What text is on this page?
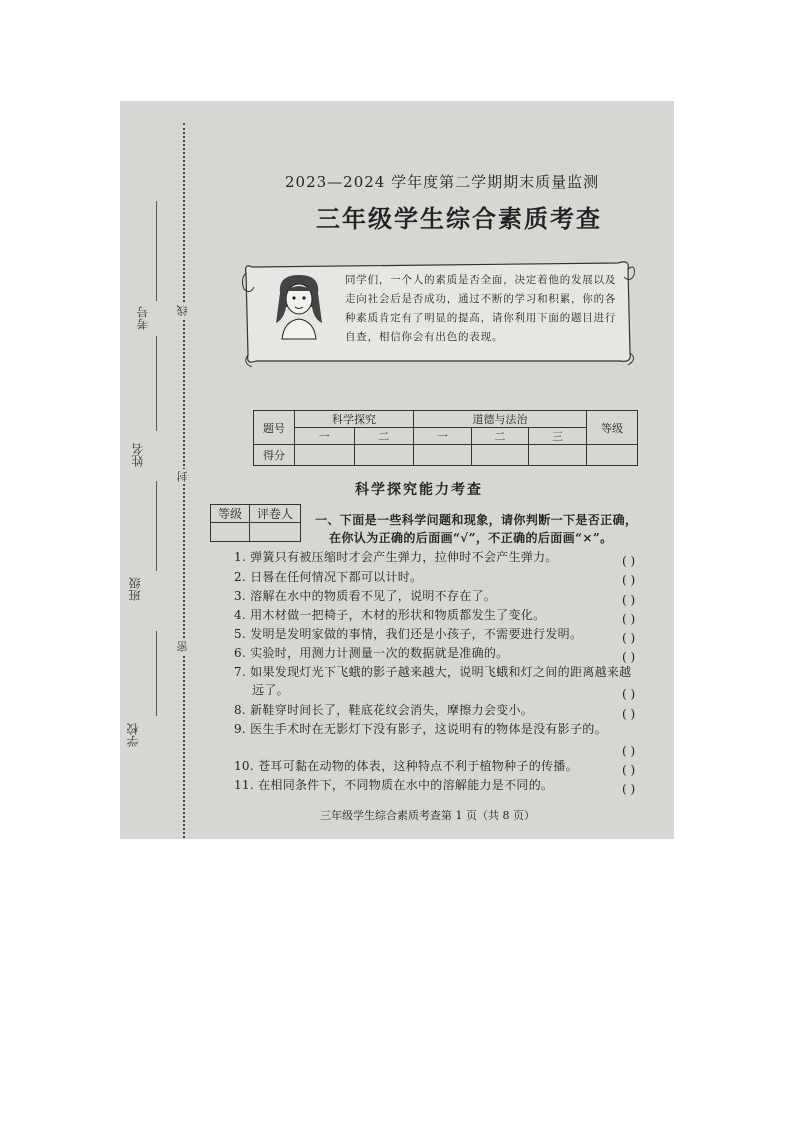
考号
姓名
班级
学校
线
封
密
2023—2024 学年度第二学期期末质量监测
三年级学生综合素质考查
同学们，一个人的素质是否全面，决定着他的发展以及走向社会后是否成功，通过不断的学习和积累，你的各种素质肯定有了明显的提高，请你利用下面的题目进行自查，相信你会有出色的表现。
题号	科学探究		道德与法治			等级
	一	二	一	二	三	
得分						
科学探究能力考查
等级	评卷人
	一、下面是一些科学问题和现象，请你判断一下是否正确，
在你认为正确的后面画“√”，不正确的后面画“×”。
1. 弹簧只有被压缩时才会产生弹力，拉伸时不会产生弹力。	( )
2. 日晷在任何情况下都可以计时。	( )
3. 溶解在水中的物质看不见了，说明不存在了。	( )
4. 用木材做一把椅子，木材的形状和物质都发生了变化。	( )
5. 发明是发明家做的事情，我们还是小孩子，不需要进行发明。	( )
6. 实验时，用测力计测量一次的数据就是准确的。	( )
7. 如果发现灯光下飞蛾的影子越来越大，说明飞蛾和灯之间的距离越来越
远了。	( )
8. 新鞋穿时间长了，鞋底花纹会消失，摩擦力会变小。	( )
9. 医生手术时在无影灯下没有影子，这说明有的物体是没有影子的。
( )
10. 苍耳可黏在动物的体表，这种特点不利于植物种子的传播。	( )
11. 在相同条件下，不同物质在水中的溶解能力是不同的。	( )
三年级学生综合素质考查第 1 页（共 8 页）
